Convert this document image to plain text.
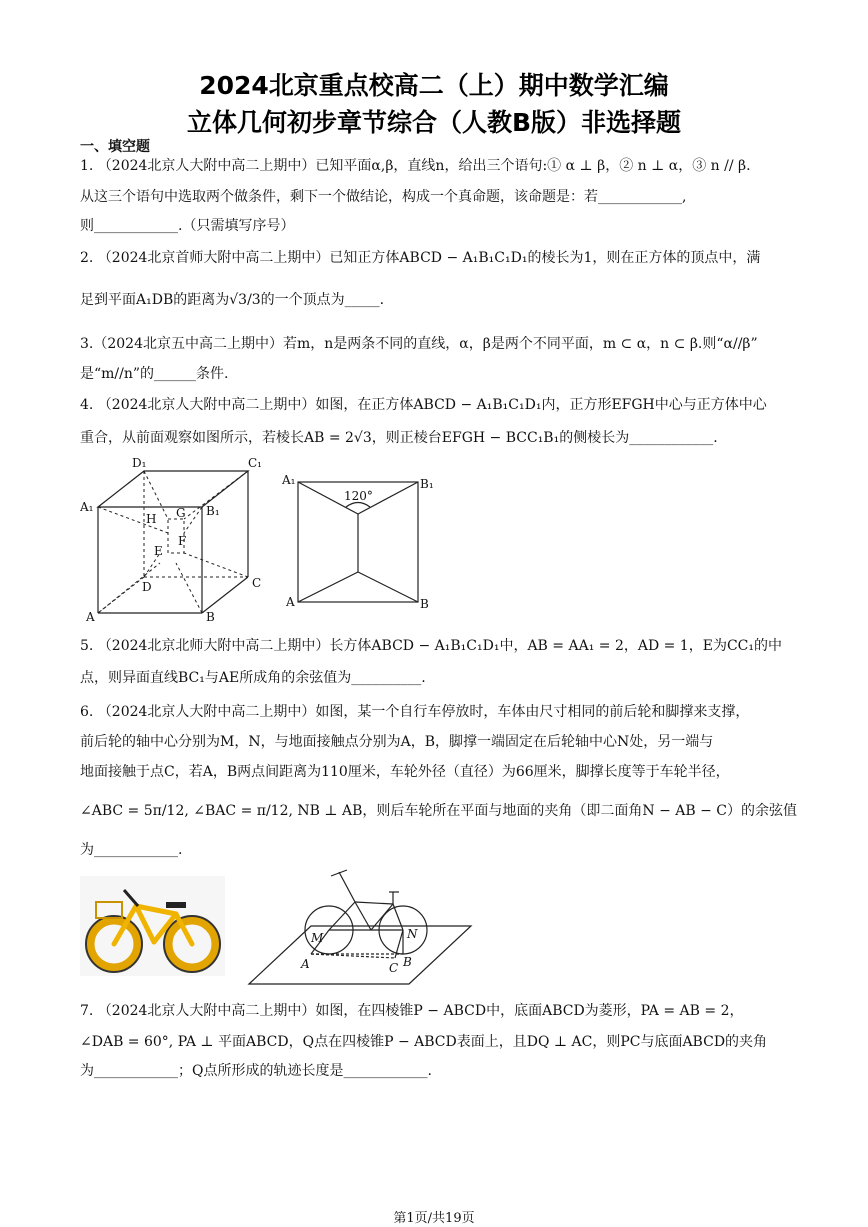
2024北京重点校高二（上）期中数学汇编
立体几何初步章节综合（人教B版）非选择题
一、填空题
1. （2024北京人大附中高二上期中）已知平面α,β，直线n，给出三个语句:① α ⊥ β，② n ⊥ α，③ n // β.
从这三个语句中选取两个做条件，剩下一个做结论，构成一个真命题，该命题是：若____________,
则____________.（只需填写序号）
2. （2024北京首师大附中高二上期中）已知正方体ABCD − A₁B₁C₁D₁的棱长为1，则在正方体的顶点中，满
足到平面A₁DB的距离为√3/3的一个顶点为_____.
3.（2024北京五中高二上期中）若m，n是两条不同的直线，α，β是两个不同平面，m ⊂ α，n ⊂ β.则“α//β”
是“m//n”的______条件.
4. （2024北京人大附中高二上期中）如图，在正方体ABCD − A₁B₁C₁D₁内，正方形EFGH中心与正方体中心
重合，从前面观察如图所示，若棱长AB = 2√3，则正棱台EFGH − BCC₁B₁的侧棱长为____________.
D₁	C₁
A₁	B₁
H G
F
E
D	C
A	B
A₁	B₁
A	B
120°
5. （2024北京北师大附中高二上期中）长方体ABCD − A₁B₁C₁D₁中，AB = AA₁ = 2，AD = 1，E为CC₁的中
点，则异面直线BC₁与AE所成角的余弦值为__________.
6. （2024北京人大附中高二上期中）如图，某一个自行车停放时，车体由尺寸相同的前后轮和脚撑来支撑，
前后轮的轴中心分别为M，N，与地面接触点分别为A，B，脚撑一端固定在后轮轴中心N处，另一端与
地面接触于点C，若A，B两点间距离为110厘米，车轮外径（直径）为66厘米，脚撑长度等于车轮半径，
∠ABC = 5π/12, ∠BAC = π/12, NB ⊥ AB，则后车轮所在平面与地面的夹角（即二面角N − AB − C）的余弦值
为____________.
M	N
A	C B
7. （2024北京人大附中高二上期中）如图，在四棱锥P − ABCD中，底面ABCD为菱形，PA = AB = 2，
∠DAB = 60°, PA ⊥ 平面ABCD，Q点在四棱锥P − ABCD表面上，且DQ ⊥ AC，则PC与底面ABCD的夹角
为____________；Q点所形成的轨迹长度是____________.
第1页/共19页
